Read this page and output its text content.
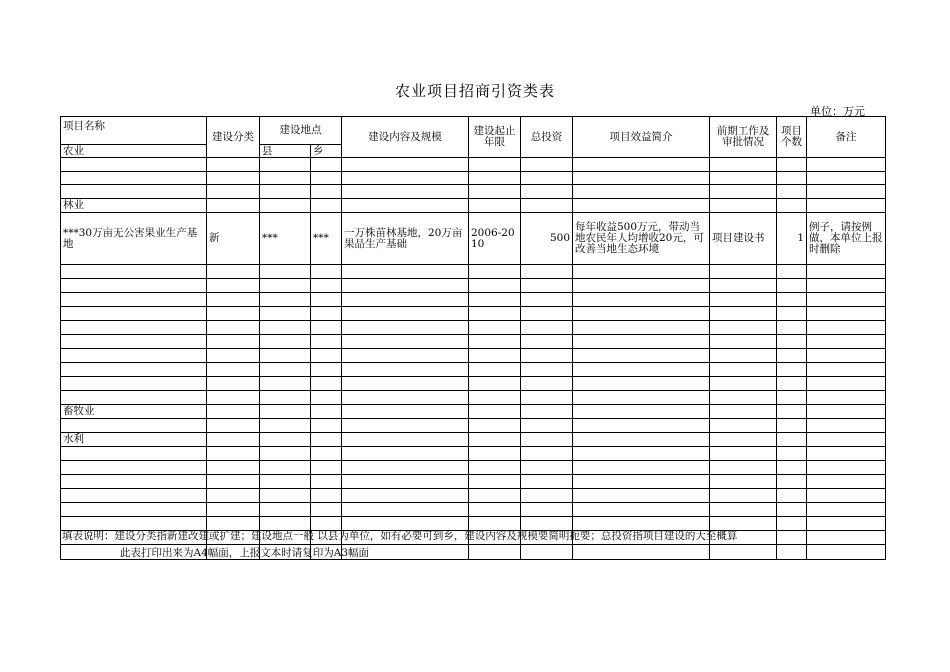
农业项目招商引资类表
单位：万元
项目名称	建设分类	建设地点		建设内容及规模	建设起止年限	总投资	项目效益简介	前期工作及审批情况	项目个数	备注
农业		县	乡							

林业										
***30万亩无公害果业生产基地	新	***	***	一万株苗林基地，20万亩果品生产基础	2006-2010	500	每年收益500万元，带动当地农民年人均增收20元，可改善当地生态环境	项目建设书	1	例子，请按例做，本单位上报时删除

畜牧业										

水利										

填表说明：建设分类指新建改建或扩建；建设地点一般 以县为单位，如有必要可到乡，建设内容及规模要简明扼要；总投资指项目建设的大至概算
此表打印出来为A4幅面，上报文本时请复印为A3幅面
